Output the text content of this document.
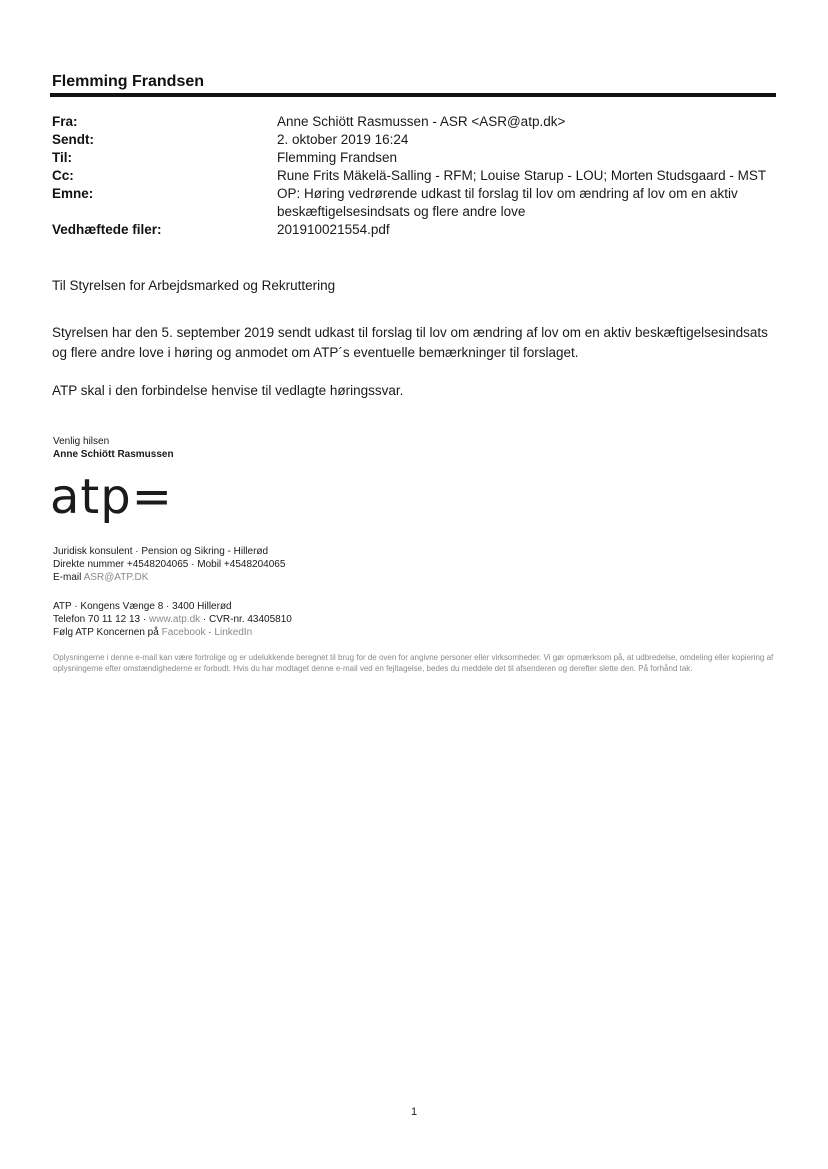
Flemming Frandsen
Fra:	Anne Schiött Rasmussen - ASR <ASR@atp.dk>
Sendt:	2. oktober 2019 16:24
Til:	Flemming Frandsen
Cc:	Rune Frits Mäkelä-Salling - RFM; Louise Starup - LOU; Morten Studsgaard - MST
Emne:	OP: Høring vedrørende udkast til forslag til lov om ændring af lov om en aktiv beskæftigelsesindsats og flere andre love
Vedhæftede filer:	201910021554.pdf
Til Styrelsen for Arbejdsmarked og Rekruttering
Styrelsen har den 5. september 2019 sendt udkast til forslag til lov om ændring af lov om en aktiv beskæftigelsesindsats og flere andre love i høring og anmodet om ATP´s eventuelle bemærkninger til forslaget.
ATP skal i den forbindelse henvise til vedlagte høringssvar.
Venlig hilsen
Anne Schiött Rasmussen
atp=
Juridisk konsulent · Pension og Sikring - Hillerød
Direkte nummer +4548204065 · Mobil +4548204065
E-mail ASR@ATP.DK
ATP · Kongens Vænge 8 · 3400 Hillerød
Telefon 70 11 12 13 · www.atp.dk · CVR-nr. 43405810
Følg ATP Koncernen på Facebook · LinkedIn
Oplysningerne i denne e-mail kan være fortrolige og er udelukkende beregnet til brug for de oven for angivne personer eller virksomheder. Vi gør opmærksom på, at udbredelse, omdeling eller kopiering af oplysningerne efter omstændighederne er forbudt. Hvis du har modtaget denne e-mail ved en fejltagelse, bedes du meddele det til afsenderen og derefter slette den. På forhånd tak.
1
